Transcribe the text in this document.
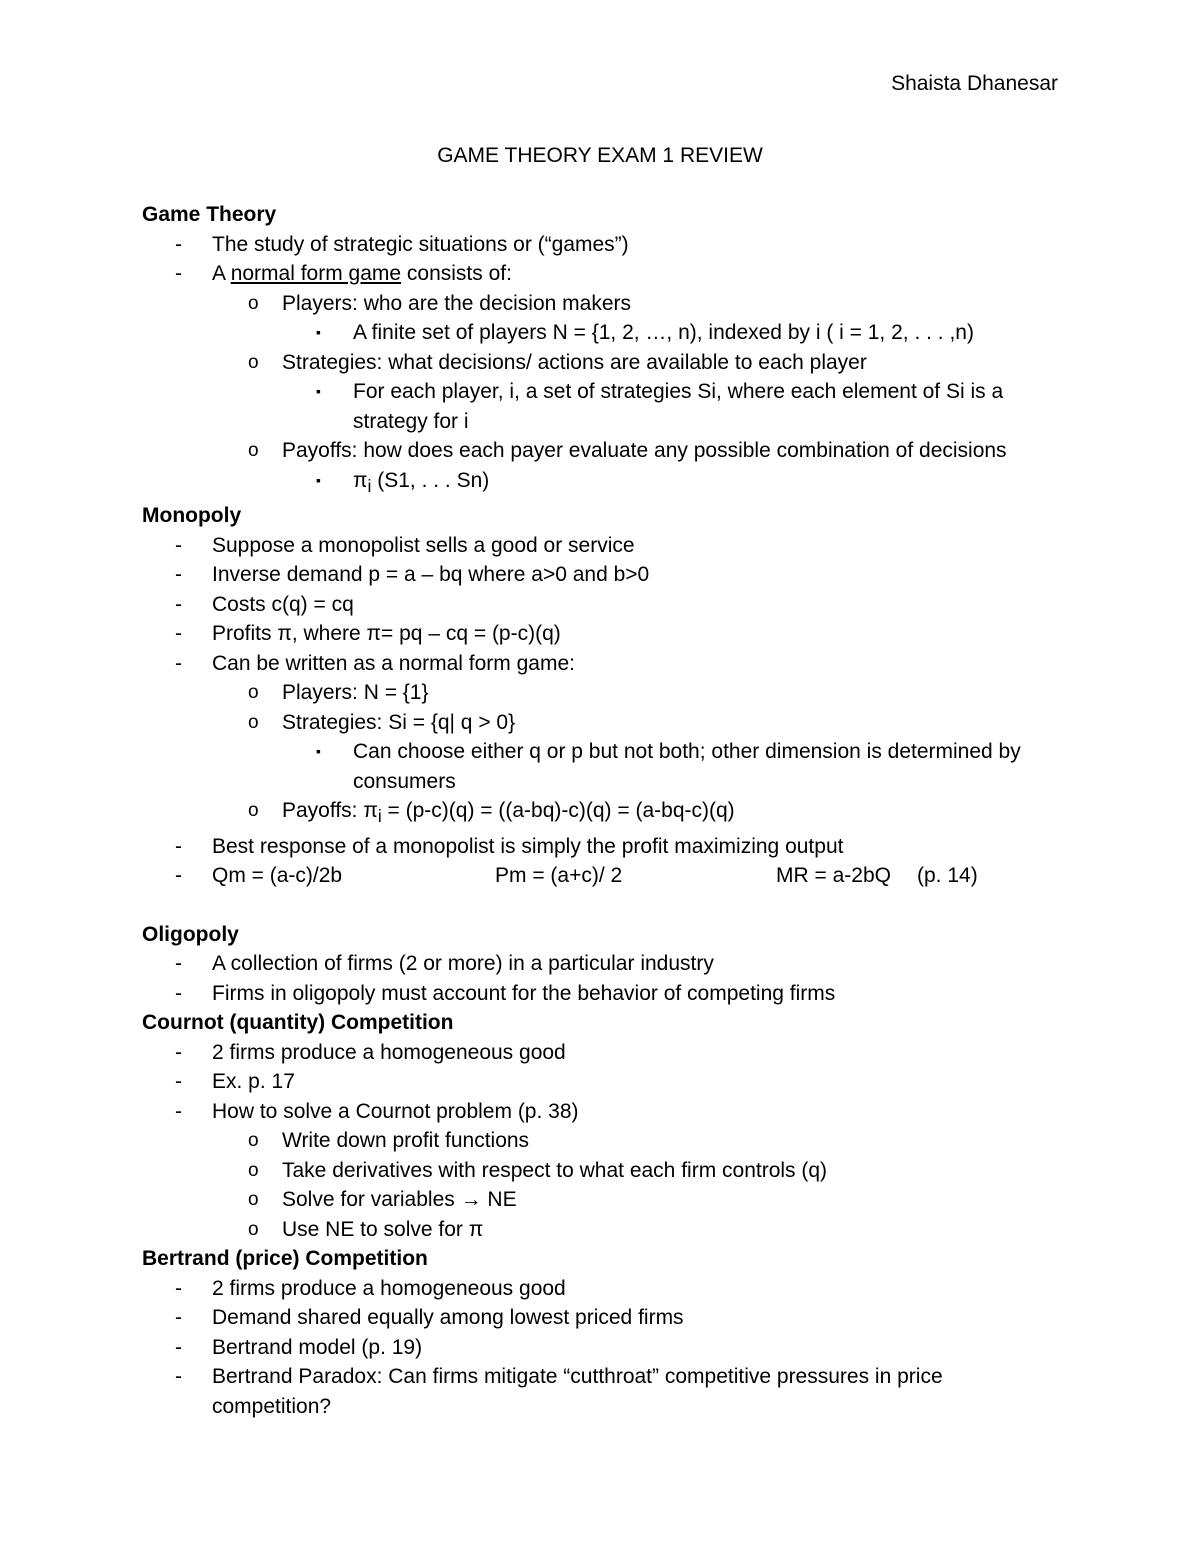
Shaista Dhanesar
GAME THEORY EXAM 1 REVIEW
Game Theory
- The study of strategic situations or (“games”)
- A normal form game consists of:
o Players: who are the decision makers
▪ A finite set of players N = {1, 2, …, n), indexed by i ( i = 1, 2, . . . ,n)
o Strategies: what decisions/ actions are available to each player
▪ For each player, i, a set of strategies Si, where each element of Si is a strategy for i
o Payoffs: how does each payer evaluate any possible combination of decisions
▪ $\pi_i$ (S1, . . . Sn)
Monopoly
- Suppose a monopolist sells a good or service
- Inverse demand p = a – bq where a>0 and b>0
- Costs c(q) = cq
- Profits π, where π= pq – cq = (p-c)(q)
- Can be written as a normal form game:
o Players: N = {1}
o Strategies: Si = {q| q > 0}
▪ Can choose either q or p but not both; other dimension is determined by consumers
o Payoffs: $\pi_i = (p-c)(q) = ((a-bq)-c)(q) = (a-bq-c)(q)$
- Best response of a monopolist is simply the profit maximizing output
- Qm = (a-c)/2b	Pm = (a+c)/ 2	MR = a-2bQ (p. 14)
Oligopoly
- A collection of firms (2 or more) in a particular industry
- Firms in oligopoly must account for the behavior of competing firms
Cournot (quantity) Competition
- 2 firms produce a homogeneous good
- Ex. p. 17
- How to solve a Cournot problem (p. 38)
o Write down profit functions
o Take derivatives with respect to what each firm controls (q)
o Solve for variables → NE
o Use NE to solve for π
Bertrand (price) Competition
- 2 firms produce a homogeneous good
- Demand shared equally among lowest priced firms
- Bertrand model (p. 19)
- Bertrand Paradox: Can firms mitigate “cutthroat” competitive pressures in price competition?
